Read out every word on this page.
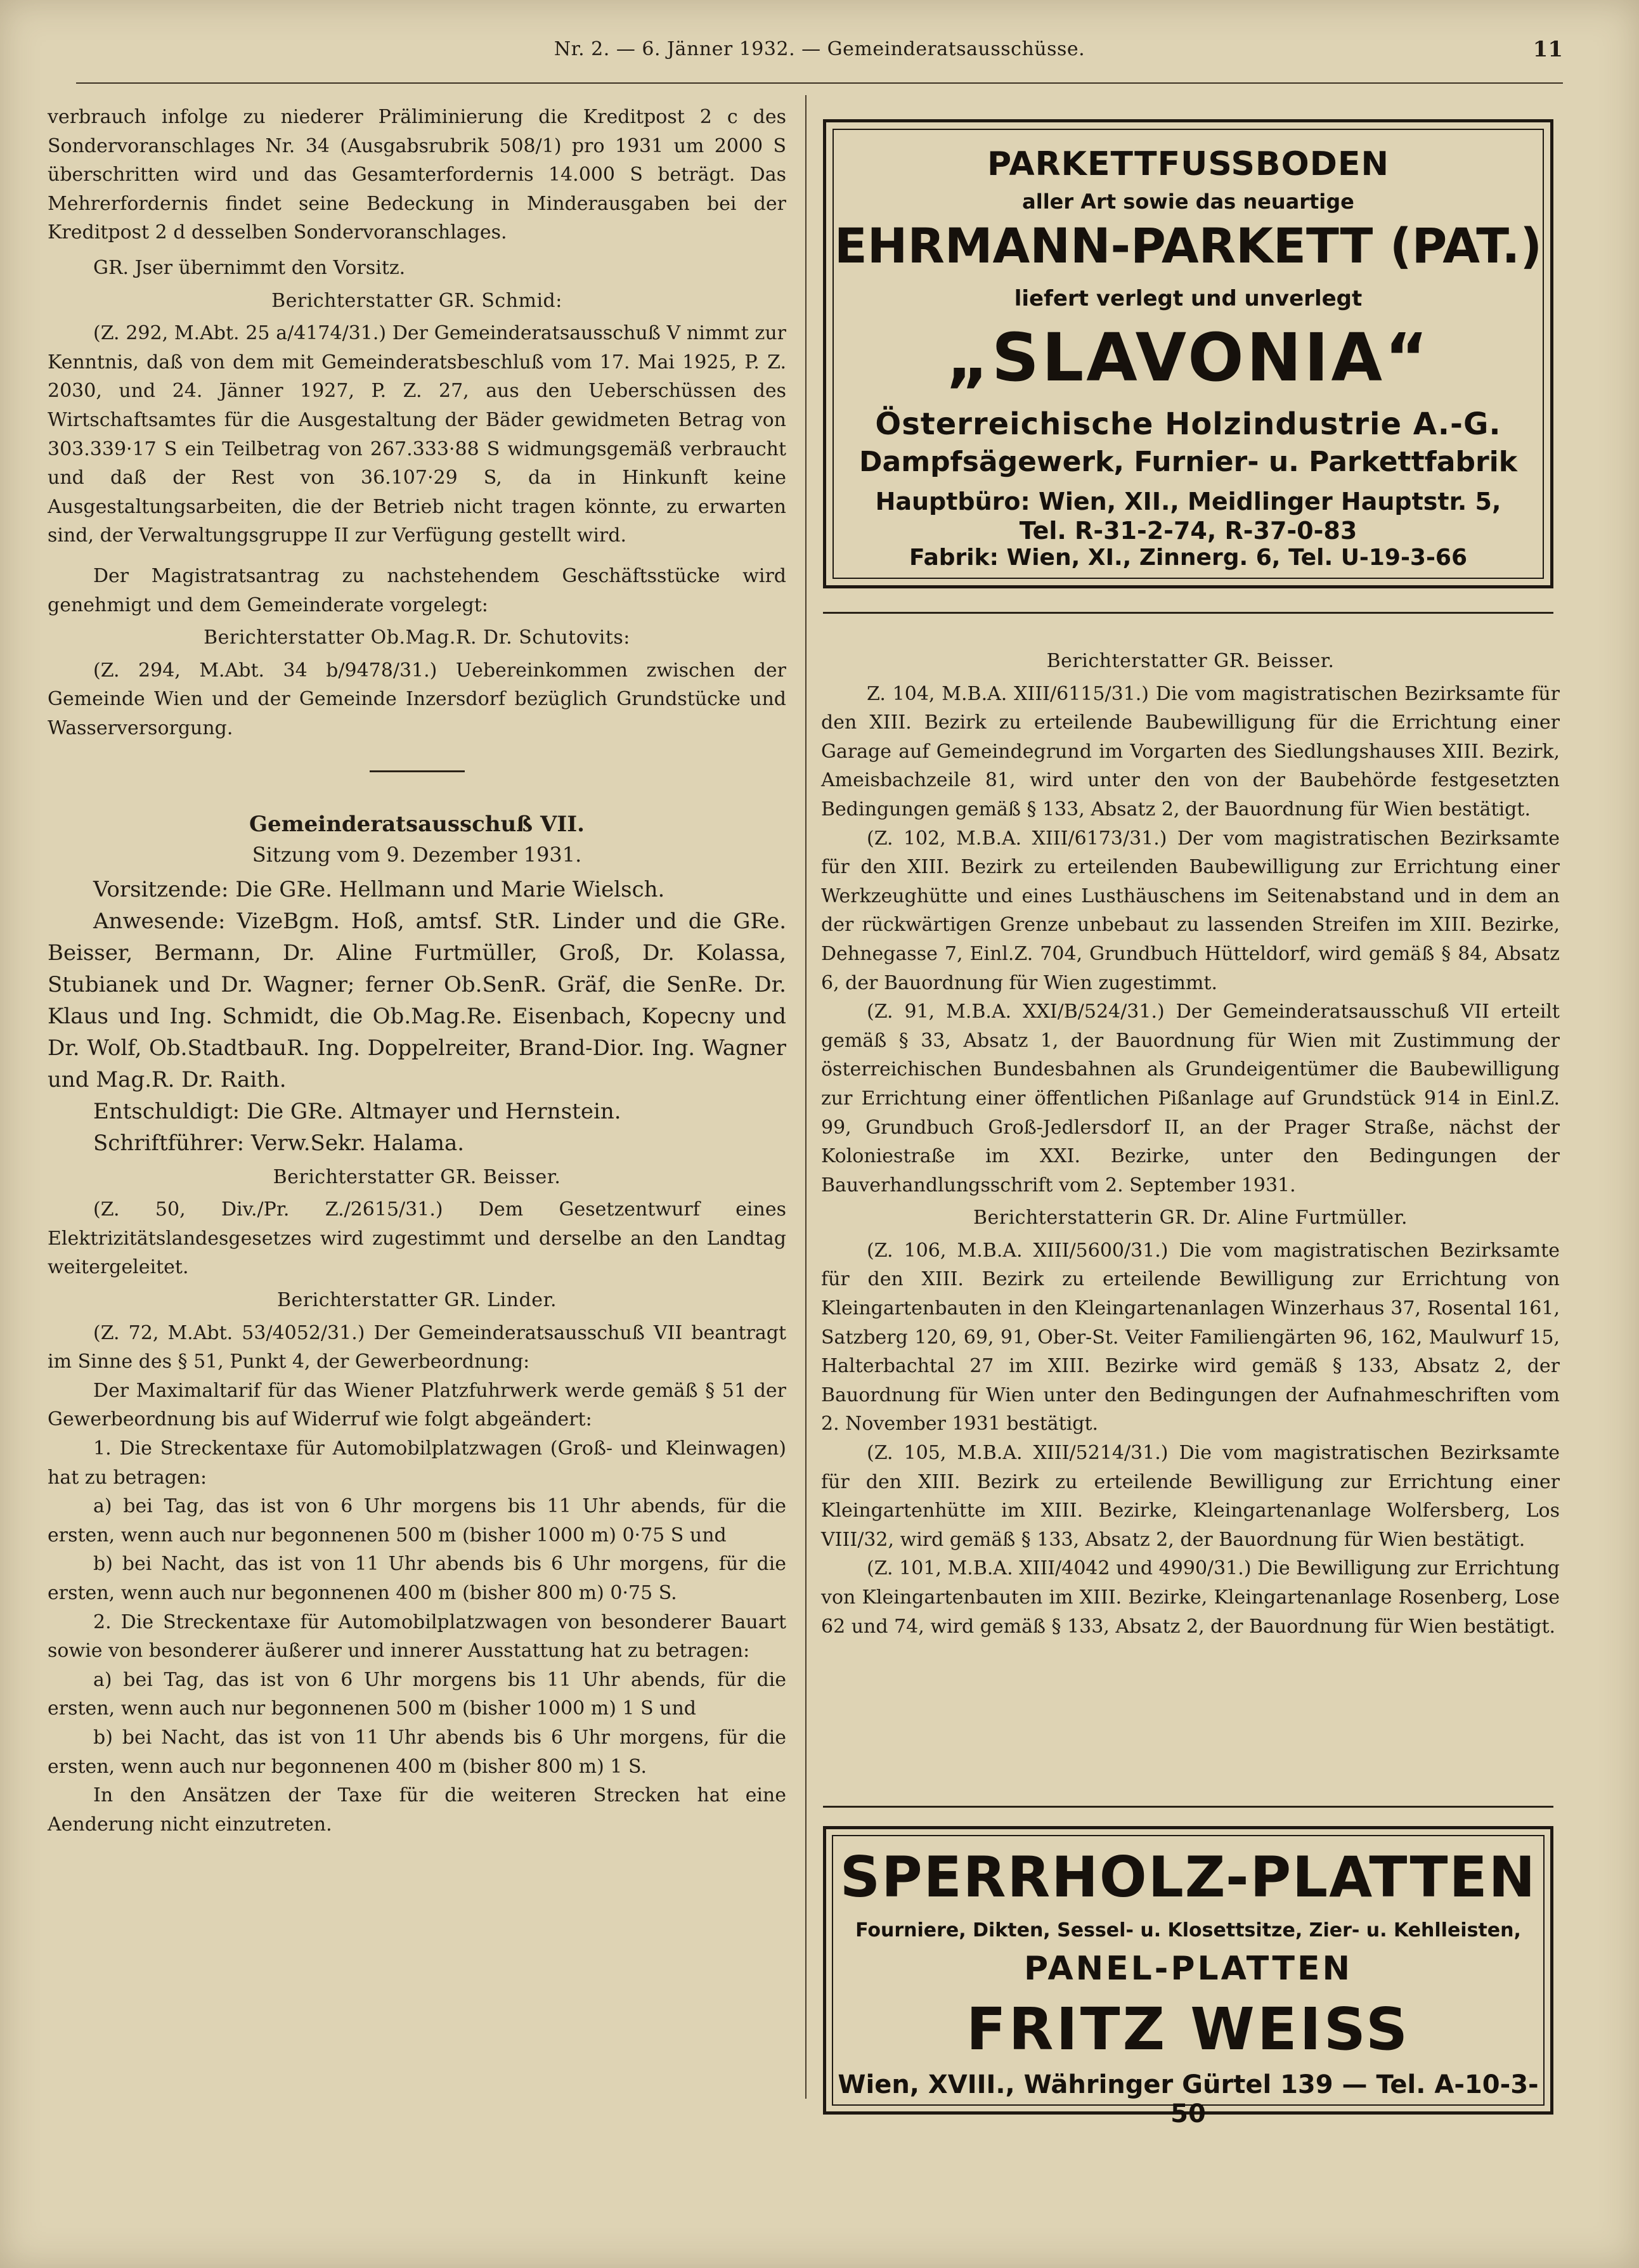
Nr. 2. — 6. Jänner 1932. — Gemeinderatsausschüsse.	11

verbrauch infolge zu niederer Präliminierung die Kreditpost 2 c des Sondervoranschlages Nr. 34 (Ausgabsrubrik 508/1) pro 1931 um 2000 S überschritten wird und das Gesamterfordernis 14.000 S beträgt. Das Mehrerfordernis findet seine Bedeckung in Minderausgaben bei der Kreditpost 2 d desselben Sondervoranschlages.

GR. Jser übernimmt den Vorsitz.

Berichterstatter GR. Schmid:

(Z. 292, M.Abt. 25 a/4174/31.) Der Gemeinderatsausschuß V nimmt zur Kenntnis, daß von dem mit Gemeinderatsbeschluß vom 17. Mai 1925, P. Z. 2030, und 24. Jänner 1927, P. Z. 27, aus den Ueberschüssen des Wirtschaftsamtes für die Ausgestaltung der Bäder gewidmeten Betrag von 303.339·17 S ein Teilbetrag von 267.333·88 S widmungsgemäß verbraucht und daß der Rest von 36.107·29 S, da in Hinkunft keine Ausgestaltungsarbeiten, die der Betrieb nicht tragen könnte, zu erwarten sind, der Verwaltungsgruppe II zur Verfügung gestellt wird.

Der Magistratsantrag zu nachstehendem Geschäftsstücke wird genehmigt und dem Gemeinderate vorgelegt:

Berichterstatter Ob.Mag.R. Dr. Schutovits:

(Z. 294, M.Abt. 34 b/9478/31.) Uebereinkommen zwischen der Gemeinde Wien und der Gemeinde Inzersdorf bezüglich Grundstücke und Wasserversorgung.

Gemeinderatsausschuß VII.
Sitzung vom 9. Dezember 1931.

Vorsitzende: Die GRe. Hellmann und Marie Wielsch.

Anwesende: VizeBgm. Hoß, amtsf. StR. Linder und die GRe. Beisser, Bermann, Dr. Aline Furtmüller, Groß, Dr. Kolassa, Stubianek und Dr. Wagner; ferner Ob.SenR. Gräf, die SenRe. Dr. Klaus und Ing. Schmidt, die Ob.Mag.Re. Eisenbach, Kopecny und Dr. Wolf, Ob.StadtbauR. Ing. Doppelreiter, Brand-Dior. Ing. Wagner und Mag.R. Dr. Raith.

Entschuldigt: Die GRe. Altmayer und Hernstein.

Schriftführer: Verw.Sekr. Halama.

Berichterstatter GR. Beisser.

(Z. 50, Div./Pr. Z./2615/31.) Dem Gesetzentwurf eines Elektrizitätslandesgesetzes wird zugestimmt und derselbe an den Landtag weitergeleitet.

Berichterstatter GR. Linder.

(Z. 72, M.Abt. 53/4052/31.) Der Gemeinderatsausschuß VII beantragt im Sinne des § 51, Punkt 4, der Gewerbeordnung:

Der Maximaltarif für das Wiener Platzfuhrwerk werde gemäß § 51 der Gewerbeordnung bis auf Widerruf wie folgt abgeändert:

1. Die Streckentaxe für Automobilplatzwagen (Groß- und Kleinwagen) hat zu betragen:

a) bei Tag, das ist von 6 Uhr morgens bis 11 Uhr abends, für die ersten, wenn auch nur begonnenen 500 m (bisher 1000 m) 0·75 S und

b) bei Nacht, das ist von 11 Uhr abends bis 6 Uhr morgens, für die ersten, wenn auch nur begonnenen 400 m (bisher 800 m) 0·75 S.

2. Die Streckentaxe für Automobilplatzwagen von besonderer Bauart sowie von besonderer äußerer und innerer Ausstattung hat zu betragen:

a) bei Tag, das ist von 6 Uhr morgens bis 11 Uhr abends, für die ersten, wenn auch nur begonnenen 500 m (bisher 1000 m) 1 S und

b) bei Nacht, das ist von 11 Uhr abends bis 6 Uhr morgens, für die ersten, wenn auch nur begonnenen 400 m (bisher 800 m) 1 S.

In den Ansätzen der Taxe für die weiteren Strecken hat eine Aenderung nicht einzutreten.

PARKETTFUSSBODEN
aller Art sowie das neuartige
EHRMANN-PARKETT (PAT.)
liefert verlegt und unverlegt
„SLAVONIA“
Österreichische Holzindustrie A.-G.
Dampfsägewerk, Furnier- u. Parkettfabrik
Hauptbüro: Wien, XII., Meidlinger Hauptstr. 5,
Tel. R-31-2-74, R-37-0-83
Fabrik: Wien, XI., Zinnerg. 6, Tel. U-19-3-66
Berichterstatter GR. Beisser.

Z. 104, M.B.A. XIII/6115/31.) Die vom magistratischen Bezirksamte für den XIII. Bezirk zu erteilende Baubewilligung für die Errichtung einer Garage auf Gemeindegrund im Vorgarten des Siedlungshauses XIII. Bezirk, Ameisbachzeile 81, wird unter den von der Baubehörde festgesetzten Bedingungen gemäß § 133, Absatz 2, der Bauordnung für Wien bestätigt.

(Z. 102, M.B.A. XIII/6173/31.) Der vom magistratischen Bezirksamte für den XIII. Bezirk zu erteilenden Baubewilligung zur Errichtung einer Werkzeughütte und eines Lusthäuschens im Seitenabstand und in dem an der rückwärtigen Grenze unbebaut zu lassenden Streifen im XIII. Bezirke, Dehnegasse 7, Einl.Z. 704, Grundbuch Hütteldorf, wird gemäß § 84, Absatz 6, der Bauordnung für Wien zugestimmt.

(Z. 91, M.B.A. XXI/B/524/31.) Der Gemeinderatsausschuß VII erteilt gemäß § 33, Absatz 1, der Bauordnung für Wien mit Zustimmung der österreichischen Bundesbahnen als Grundeigentümer die Baubewilligung zur Errichtung einer öffentlichen Pißanlage auf Grundstück 914 in Einl.Z. 99, Grundbuch Groß-Jedlersdorf II, an der Prager Straße, nächst der Koloniestraße im XXI. Bezirke, unter den Bedingungen der Bauverhandlungsschrift vom 2. September 1931.

Berichterstatterin GR. Dr. Aline Furtmüller.

(Z. 106, M.B.A. XIII/5600/31.) Die vom magistratischen Bezirksamte für den XIII. Bezirk zu erteilende Bewilligung zur Errichtung von Kleingartenbauten in den Kleingartenanlagen Winzerhaus 37, Rosental 161, Satzberg 120, 69, 91, Ober-St. Veiter Familiengärten 96, 162, Maulwurf 15, Halterbachtal 27 im XIII. Bezirke wird gemäß § 133, Absatz 2, der Bauordnung für Wien unter den Bedingungen der Aufnahmeschriften vom 2. November 1931 bestätigt.

(Z. 105, M.B.A. XIII/5214/31.) Die vom magistratischen Bezirksamte für den XIII. Bezirk zu erteilende Bewilligung zur Errichtung einer Kleingartenhütte im XIII. Bezirke, Kleingartenanlage Wolfersberg, Los VIII/32, wird gemäß § 133, Absatz 2, der Bauordnung für Wien bestätigt.

(Z. 101, M.B.A. XIII/4042 und 4990/31.) Die Bewilligung zur Errichtung von Kleingartenbauten im XIII. Bezirke, Kleingartenanlage Rosenberg, Lose 62 und 74, wird gemäß § 133, Absatz 2, der Bauordnung für Wien bestätigt.

SPERRHOLZ-PLATTEN
Fourniere, Dikten, Sessel- u. Klosettsitze, Zier- u. Kehlleisten,
PANEL-PLATTEN
FRITZ WEISS
Wien, XVIII., Währinger Gürtel 139 — Tel. A-10-3-50
